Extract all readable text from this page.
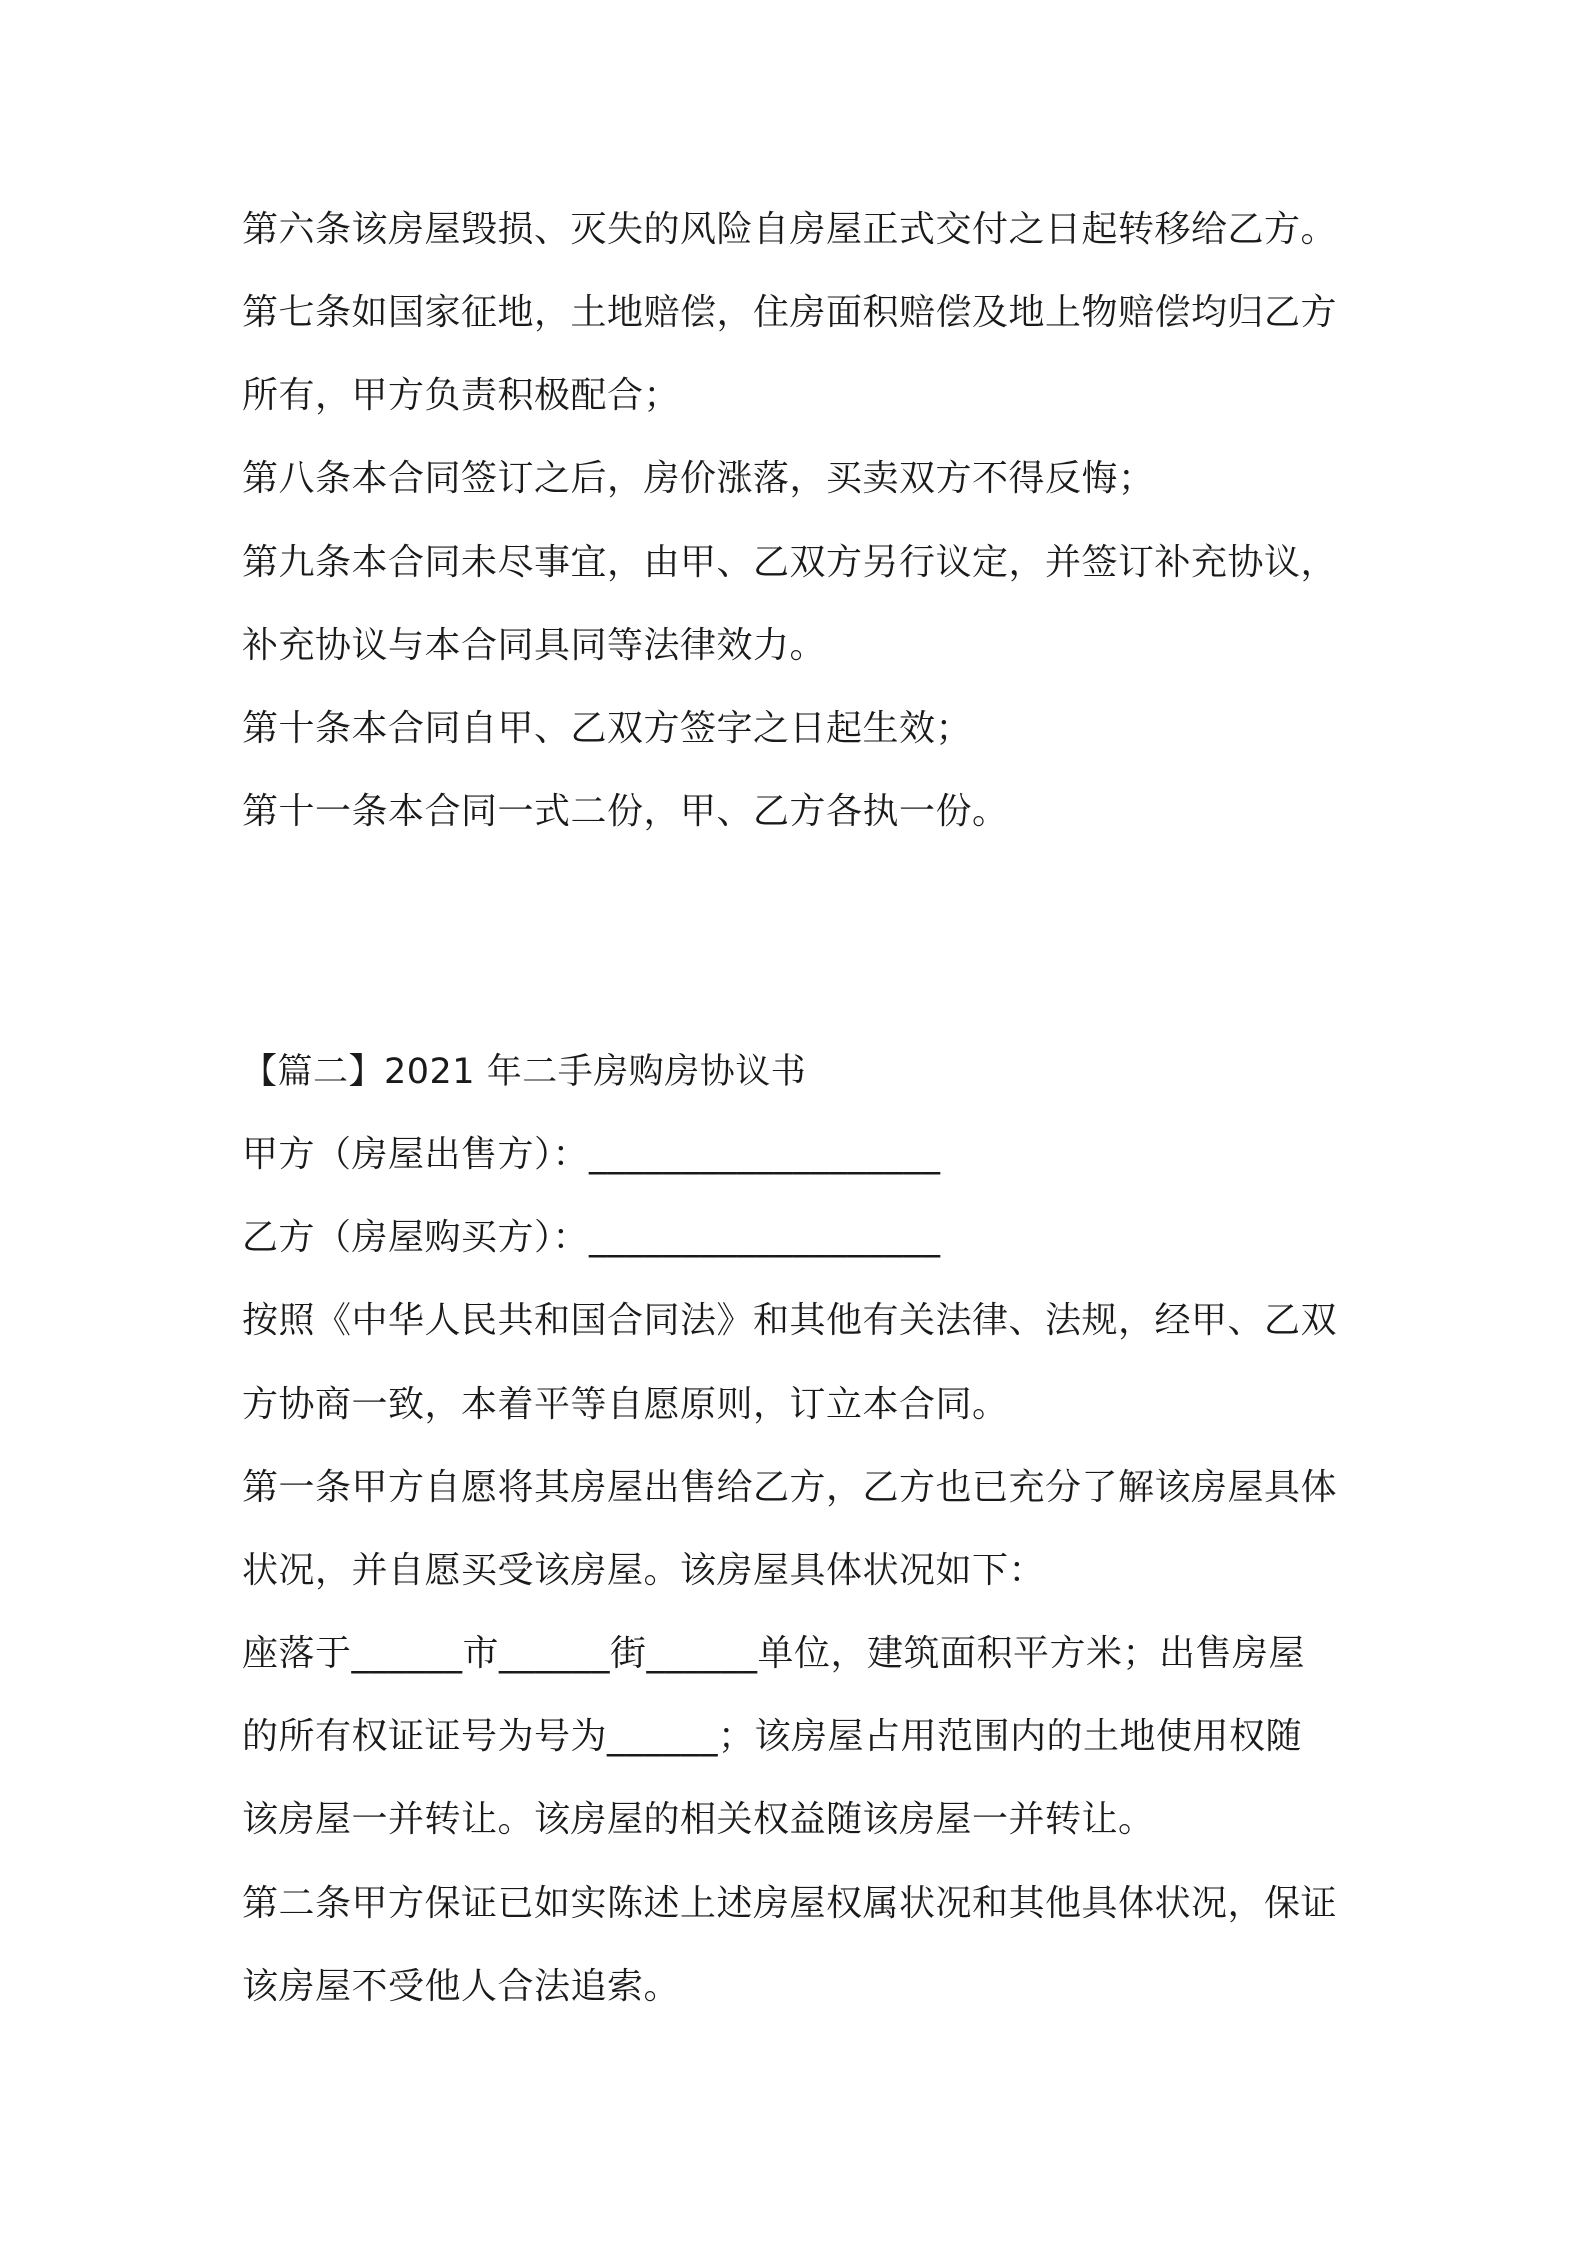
第六条该房屋毁损、灭失的风险自房屋正式交付之日起转移给乙方。
第七条如国家征地，土地赔偿，住房面积赔偿及地上物赔偿均归乙方
所有，甲方负责积极配合；
第八条本合同签订之后，房价涨落，买卖双方不得反悔；
第九条本合同未尽事宜，由甲、乙双方另行议定，并签订补充协议，
补充协议与本合同具同等法律效力。
第十条本合同自甲、乙双方签字之日起生效；
第十一条本合同一式二份，甲、乙方各执一份。
【篇二】2021 年二手房购房协议书
甲方（房屋出售方）：___________________
乙方（房屋购买方）：___________________
按照《中华人民共和国合同法》和其他有关法律、法规，经甲、乙双
方协商一致，本着平等自愿原则，订立本合同。
第一条甲方自愿将其房屋出售给乙方，乙方也已充分了解该房屋具体
状况，并自愿买受该房屋。该房屋具体状况如下：
座落于______市______街______单位，建筑面积平方米；出售房屋
的所有权证证号为号为______；该房屋占用范围内的土地使用权随
该房屋一并转让。该房屋的相关权益随该房屋一并转让。
第二条甲方保证已如实陈述上述房屋权属状况和其他具体状况，保证
该房屋不受他人合法追索。
